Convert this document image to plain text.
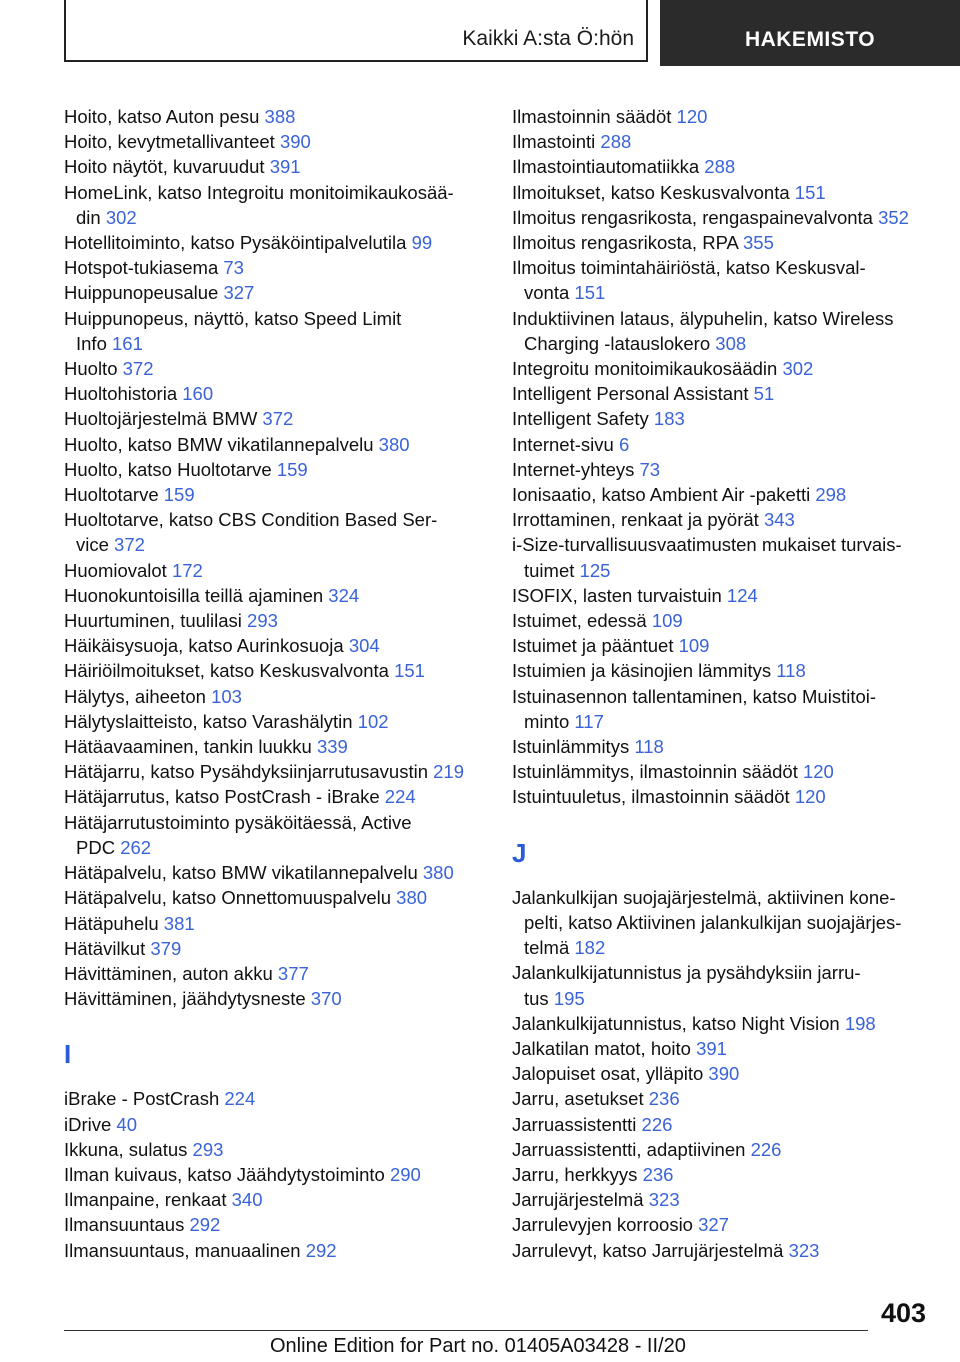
Kaikki A:sta Ö:hön	HAKEMISTO
Hoito, katso Auton pesu 388
Hoito, kevytmetallivanteet 390
Hoito näytöt, kuvaruudut 391
HomeLink, katso Integroitu monitoimikaukosää-
din 302
Hotellitoiminto, katso Pysäköintipalvelutila 99
Hotspot-tukiasema 73
Huippunopeusalue 327
Huippunopeus, näyttö, katso Speed Limit
Info 161
Huolto 372
Huoltohistoria 160
Huoltojärjestelmä BMW 372
Huolto, katso BMW vikatilannepalvelu 380
Huolto, katso Huoltotarve 159
Huoltotarve 159
Huoltotarve, katso CBS Condition Based Ser-
vice 372
Huomiovalot 172
Huonokuntoisilla teillä ajaminen 324
Huurtuminen, tuulilasi 293
Häikäisysuoja, katso Aurinkosuoja 304
Häiriöilmoitukset, katso Keskusvalvonta 151
Hälytys, aiheeton 103
Hälytyslaitteisto, katso Varashälytin 102
Hätäavaaminen, tankin luukku 339
Hätäjarru, katso Pysähdyksiinjarrutusavustin 219
Hätäjarrutus, katso PostCrash - iBrake 224
Hätäjarrutustoiminto pysäköitäessä, Active
PDC 262
Hätäpalvelu, katso BMW vikatilannepalvelu 380
Hätäpalvelu, katso Onnettomuuspalvelu 380
Hätäpuhelu 381
Hätävilkut 379
Hävittäminen, auton akku 377
Hävittäminen, jäähdytysneste 370
I
iBrake - PostCrash 224
iDrive 40
Ikkuna, sulatus 293
Ilman kuivaus, katso Jäähdytystoiminto 290
Ilmanpaine, renkaat 340
Ilmansuuntaus 292
Ilmansuuntaus, manuaalinen 292
Ilmastoinnin säädöt 120
Ilmastointi 288
Ilmastointiautomatiikka 288
Ilmoitukset, katso Keskusvalvonta 151
Ilmoitus rengasrikosta, rengaspainevalvonta 352
Ilmoitus rengasrikosta, RPA 355
Ilmoitus toimintahäiriöstä, katso Keskusval-
vonta 151
Induktiivinen lataus, älypuhelin, katso Wireless
Charging -latauslokero 308
Integroitu monitoimikaukosäädin 302
Intelligent Personal Assistant 51
Intelligent Safety 183
Internet-sivu 6
Internet-yhteys 73
Ionisaatio, katso Ambient Air -paketti 298
Irrottaminen, renkaat ja pyörät 343
i-Size-turvallisuusvaatimusten mukaiset turvais-
tuimet 125
ISOFIX, lasten turvaistuin 124
Istuimet, edessä 109
Istuimet ja pääntuet 109
Istuimien ja käsinojien lämmitys 118
Istuinasennon tallentaminen, katso Muistitoi-
minto 117
Istuinlämmitys 118
Istuinlämmitys, ilmastoinnin säädöt 120
Istuintuuletus, ilmastoinnin säädöt 120
J
Jalankulkijan suojajärjestelmä, aktiivinen kone-
pelti, katso Aktiivinen jalankulkijan suojajärjes-
telmä 182
Jalankulkijatunnistus ja pysähdyksiin jarru-
tus 195
Jalankulkijatunnistus, katso Night Vision 198
Jalkatilan matot, hoito 391
Jalopuiset osat, ylläpito 390
Jarru, asetukset 236
Jarruassistentti 226
Jarruassistentti, adaptiivinen 226
Jarru, herkkyys 236
Jarrujärjestelmä 323
Jarrulevyjen korroosio 327
Jarrulevyt, katso Jarrujärjestelmä 323
403
Online Edition for Part no. 01405A03428 - II/20
